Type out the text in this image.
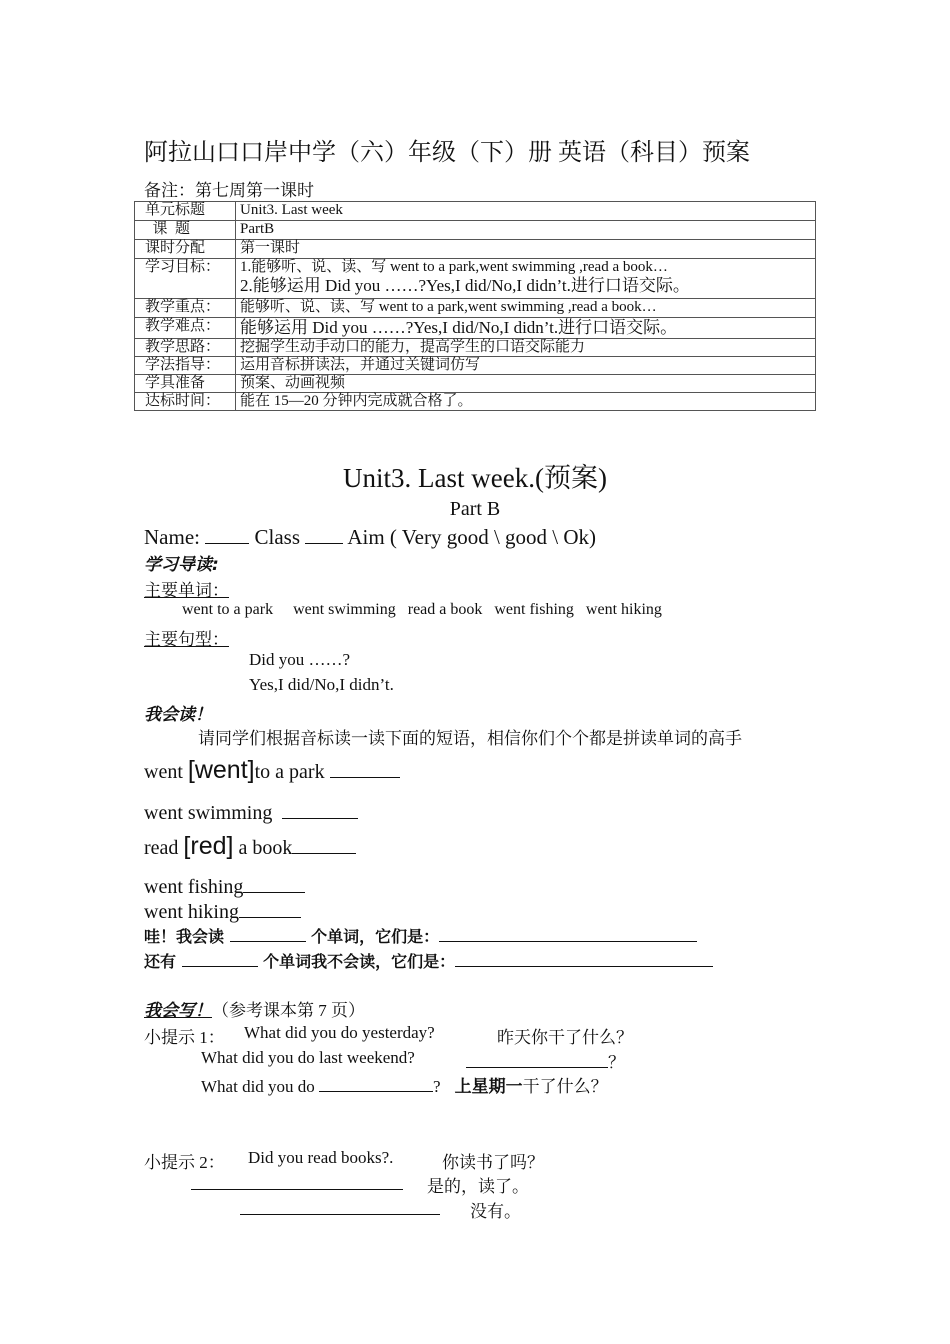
阿拉山口口岸中学（六）年级（下）册 英语（科目）预案
备注：第七周第一课时
单元标题	Unit3. Last week
课  题	PartB
课时分配	第一课时
学习目标：	1.能够听、说、读、写 went to a park,went swimming ,read a book…
2.能够运用 Did you ……?Yes,I did/No,I didn’t.进行口语交际。

教学重点：	能够听、说、读、写 went to a park,went swimming ,read a book…
教学难点：	能够运用 Did you ……?Yes,I did/No,I didn’t.进行口语交际。
教学思路：	挖掘学生动手动口的能力，提高学生的口语交际能力
学法指导：	运用音标拼读法，并通过关键词仿写
学具准备	预案、动画视频
达标时间：	能在 15—20 分钟内完成就合格了。
Unit3. Last week.(预案)
Part B
Name:  Class  Aim ( Very good \ good \ Ok)
学习导读:
主要单词：
went to a park     went swimming   read a book   went fishing   went hiking
主要句型：
Did you ……?
Yes,I did/No,I didn’t.
我会读！
请同学们根据音标读一读下面的短语，相信你们个个都是拼读单词的高手
went [went]to a park
went swimming
read [red] a book
went fishing
went hiking
哇！我会读	个单词，它们是：
还有	个单词我不会读，它们是：
我会写！（参考课本第 7 页）
小提示 1： What did you do yesterday?	昨天你干了什么？
What did you do last weekend?	？
What did you do	? 上星期一干了什么？
小提示 2： Did you read books?.	你读书了吗？
是的，读了。
没有。
